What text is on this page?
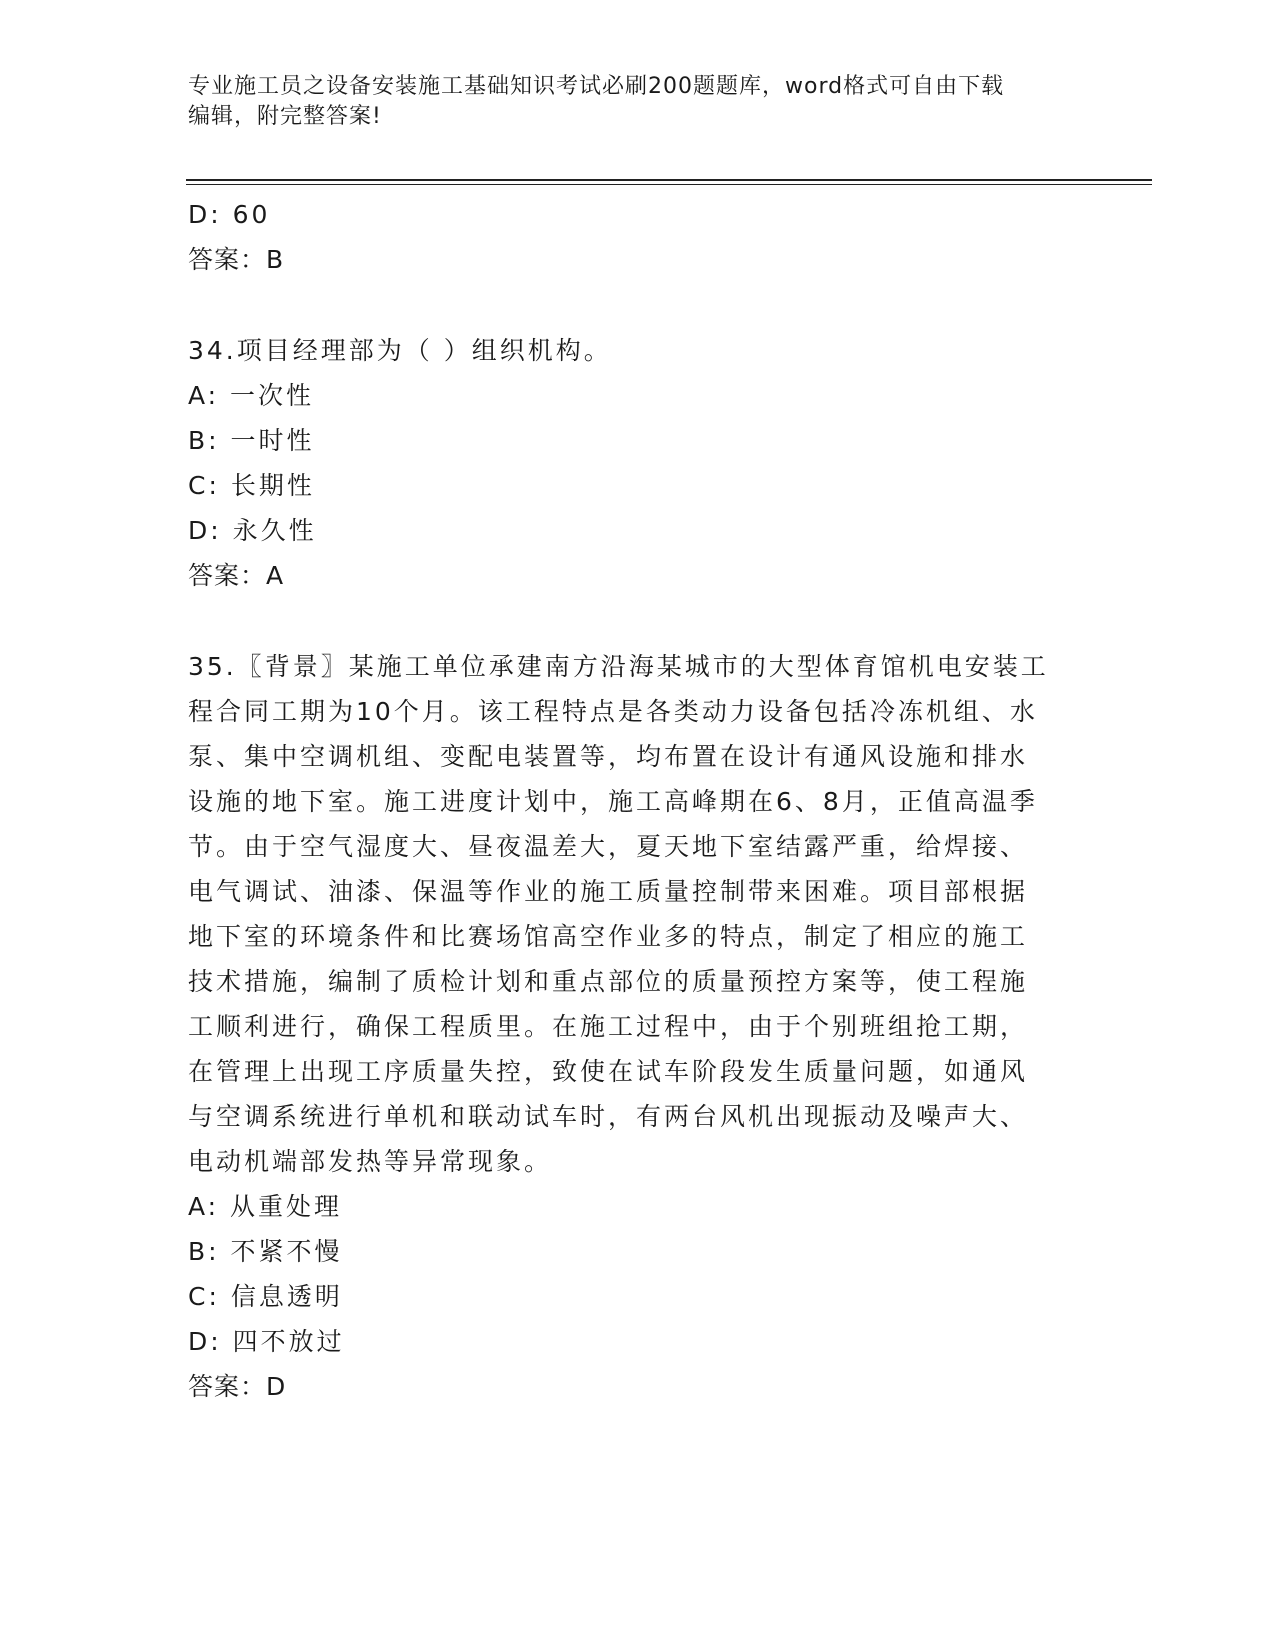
专业施工员之设备安装施工基础知识考试必刷200题题库，word格式可自由下载
编辑，附完整答案!
D: 60
答案：B
34.项目经理部为（ ）组织机构。
A: 一次性
B: 一时性
C: 长期性
D: 永久性
答案：A
35.〖背景〗某施工单位承建南方沿海某城市的大型体育馆机电安装工
程合同工期为10个月。该工程特点是各类动力设备包括冷冻机组、水
泵、集中空调机组、变配电装置等，均布置在设计有通风设施和排水
设施的地下室。施工进度计划中，施工高峰期在6、8月，正值高温季
节。由于空气湿度大、昼夜温差大，夏天地下室结露严重，给焊接、
电气调试、油漆、保温等作业的施工质量控制带来困难。项目部根据
地下室的环境条件和比赛场馆高空作业多的特点，制定了相应的施工
技术措施，编制了质检计划和重点部位的质量预控方案等，使工程施
工顺利进行，确保工程质里。在施工过程中，由于个别班组抢工期，
在管理上出现工序质量失控，致使在试车阶段发生质量问题，如通风
与空调系统进行单机和联动试车时，有两台风机出现振动及噪声大、
电动机端部发热等异常现象。
A: 从重处理
B: 不紧不慢
C: 信息透明
D: 四不放过
答案：D
